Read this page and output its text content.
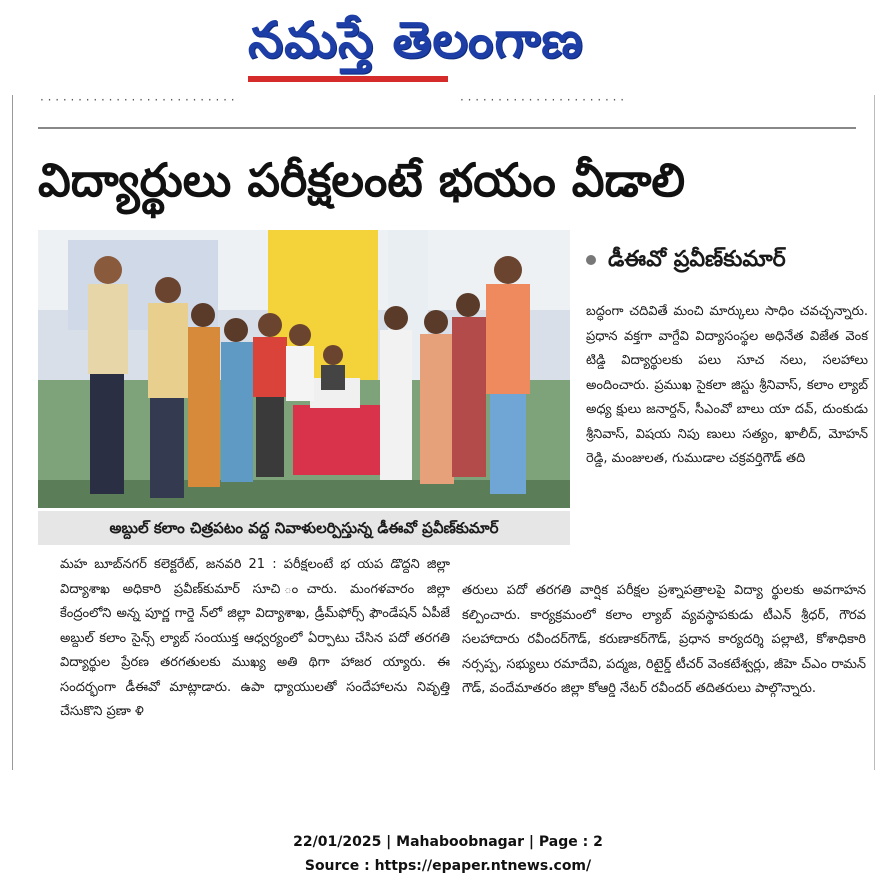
నమస్తే తెలంగాణ
· · · · · · · · · · · · · · · · · · · · · · · · · ·	· · · · · · · · · · · · · · · · · · · · · ·
విద్యార్థులు పరీక్షలంటే భయం వీడాలి
అబ్దుల్ కలాం చిత్రపటం వద్ద నివాళులర్పిస్తున్న డీఈవో ప్రవీణ్‌కుమార్
డీఈవో ప్రవీణ్‌కుమార్

బద్ధంగా చదివితే మంచి మార్కులు సాధిం చవచ్చన్నారు. ప్రధాన వక్తగా వాగ్దేవి విద్యాసంస్థల అధినేత విజేత వెంక టిడ్డి విద్యార్థులకు పలు సూచ నలు, సలహాలు అందించారు. ప్రముఖ సైకలా జిస్టు శ్రీనివాస్, కలాం ల్యాబ్ అధ్య క్షులు జనార్దన్, సీఎంవో బాలు యా దవ్, దుంకుడు శ్రీనివాస్, విషయ నిపు ణులు సత్యం, ఖాలీద్, మోహన్ రెడ్డి, మంజులత, గుముడాల చక్రవర్తిగౌడ్ తది

మహ బూబ్‌నగర్ కలెక్టరేట్, జనవరి 21 : పరీక్షలంటే భ యప డొద్దని జిల్లా విద్యాశాఖ అధికారి ప్రవీణ్‌కుమార్ సూచి ంచారు. మంగళవారం జిల్లా కేంద్రంలోని అన్న పూర్ణ గార్డె న్‌లో జిల్లా విద్యాశాఖ, డ్రీమ్‌ఫోర్స్ ఫౌండేషన్ ఏపీజే అబ్దుల్ కలాం సైన్స్ ల్యాబ్ సంయుక్త ఆధ్వర్యంలో ఏర్పాటు చేసిన పదో తరగతి విద్యార్థుల ప్రేరణ తరగతులకు ముఖ్య అతి థిగా హాజర య్యారు. ఈ సందర్భంగా డీఈవో మాట్లాడారు. ఉపా ధ్యాయులతో సందేహాలను నివృత్తి చేసుకొని ప్రణా ళి

తరులు పదో తరగతి వార్షిక పరీక్షల ప్రశ్నాపత్రాలపై విద్యా ర్థులకు అవగాహన కల్పించారు. కార్యక్రమంలో కలాం ల్యాబ్ వ్యవస్థాపకుడు టీఎన్ శ్రీధర్, గౌరవ సలహాదారు రవీందర్‌గౌడ్, కరుణాకర్‌గౌడ్, ప్రధాన కార్యదర్శి పల్లాటి, కోశాధికారి నర్సప్ప, సభ్యులు రమాదేవి, పద్మజ, రిటైర్డ్ టీచర్ వెంకటేశ్వర్లు, జీహె చ్ఎం రామన్ గౌడ్, వందేమాతరం జిల్లా కోఆర్డి నేటర్ రవీందర్ తదితరులు పాల్గొన్నారు.

22/01/2025 | Mahaboobnagar | Page : 2
Source : https://epaper.ntnews.com/
